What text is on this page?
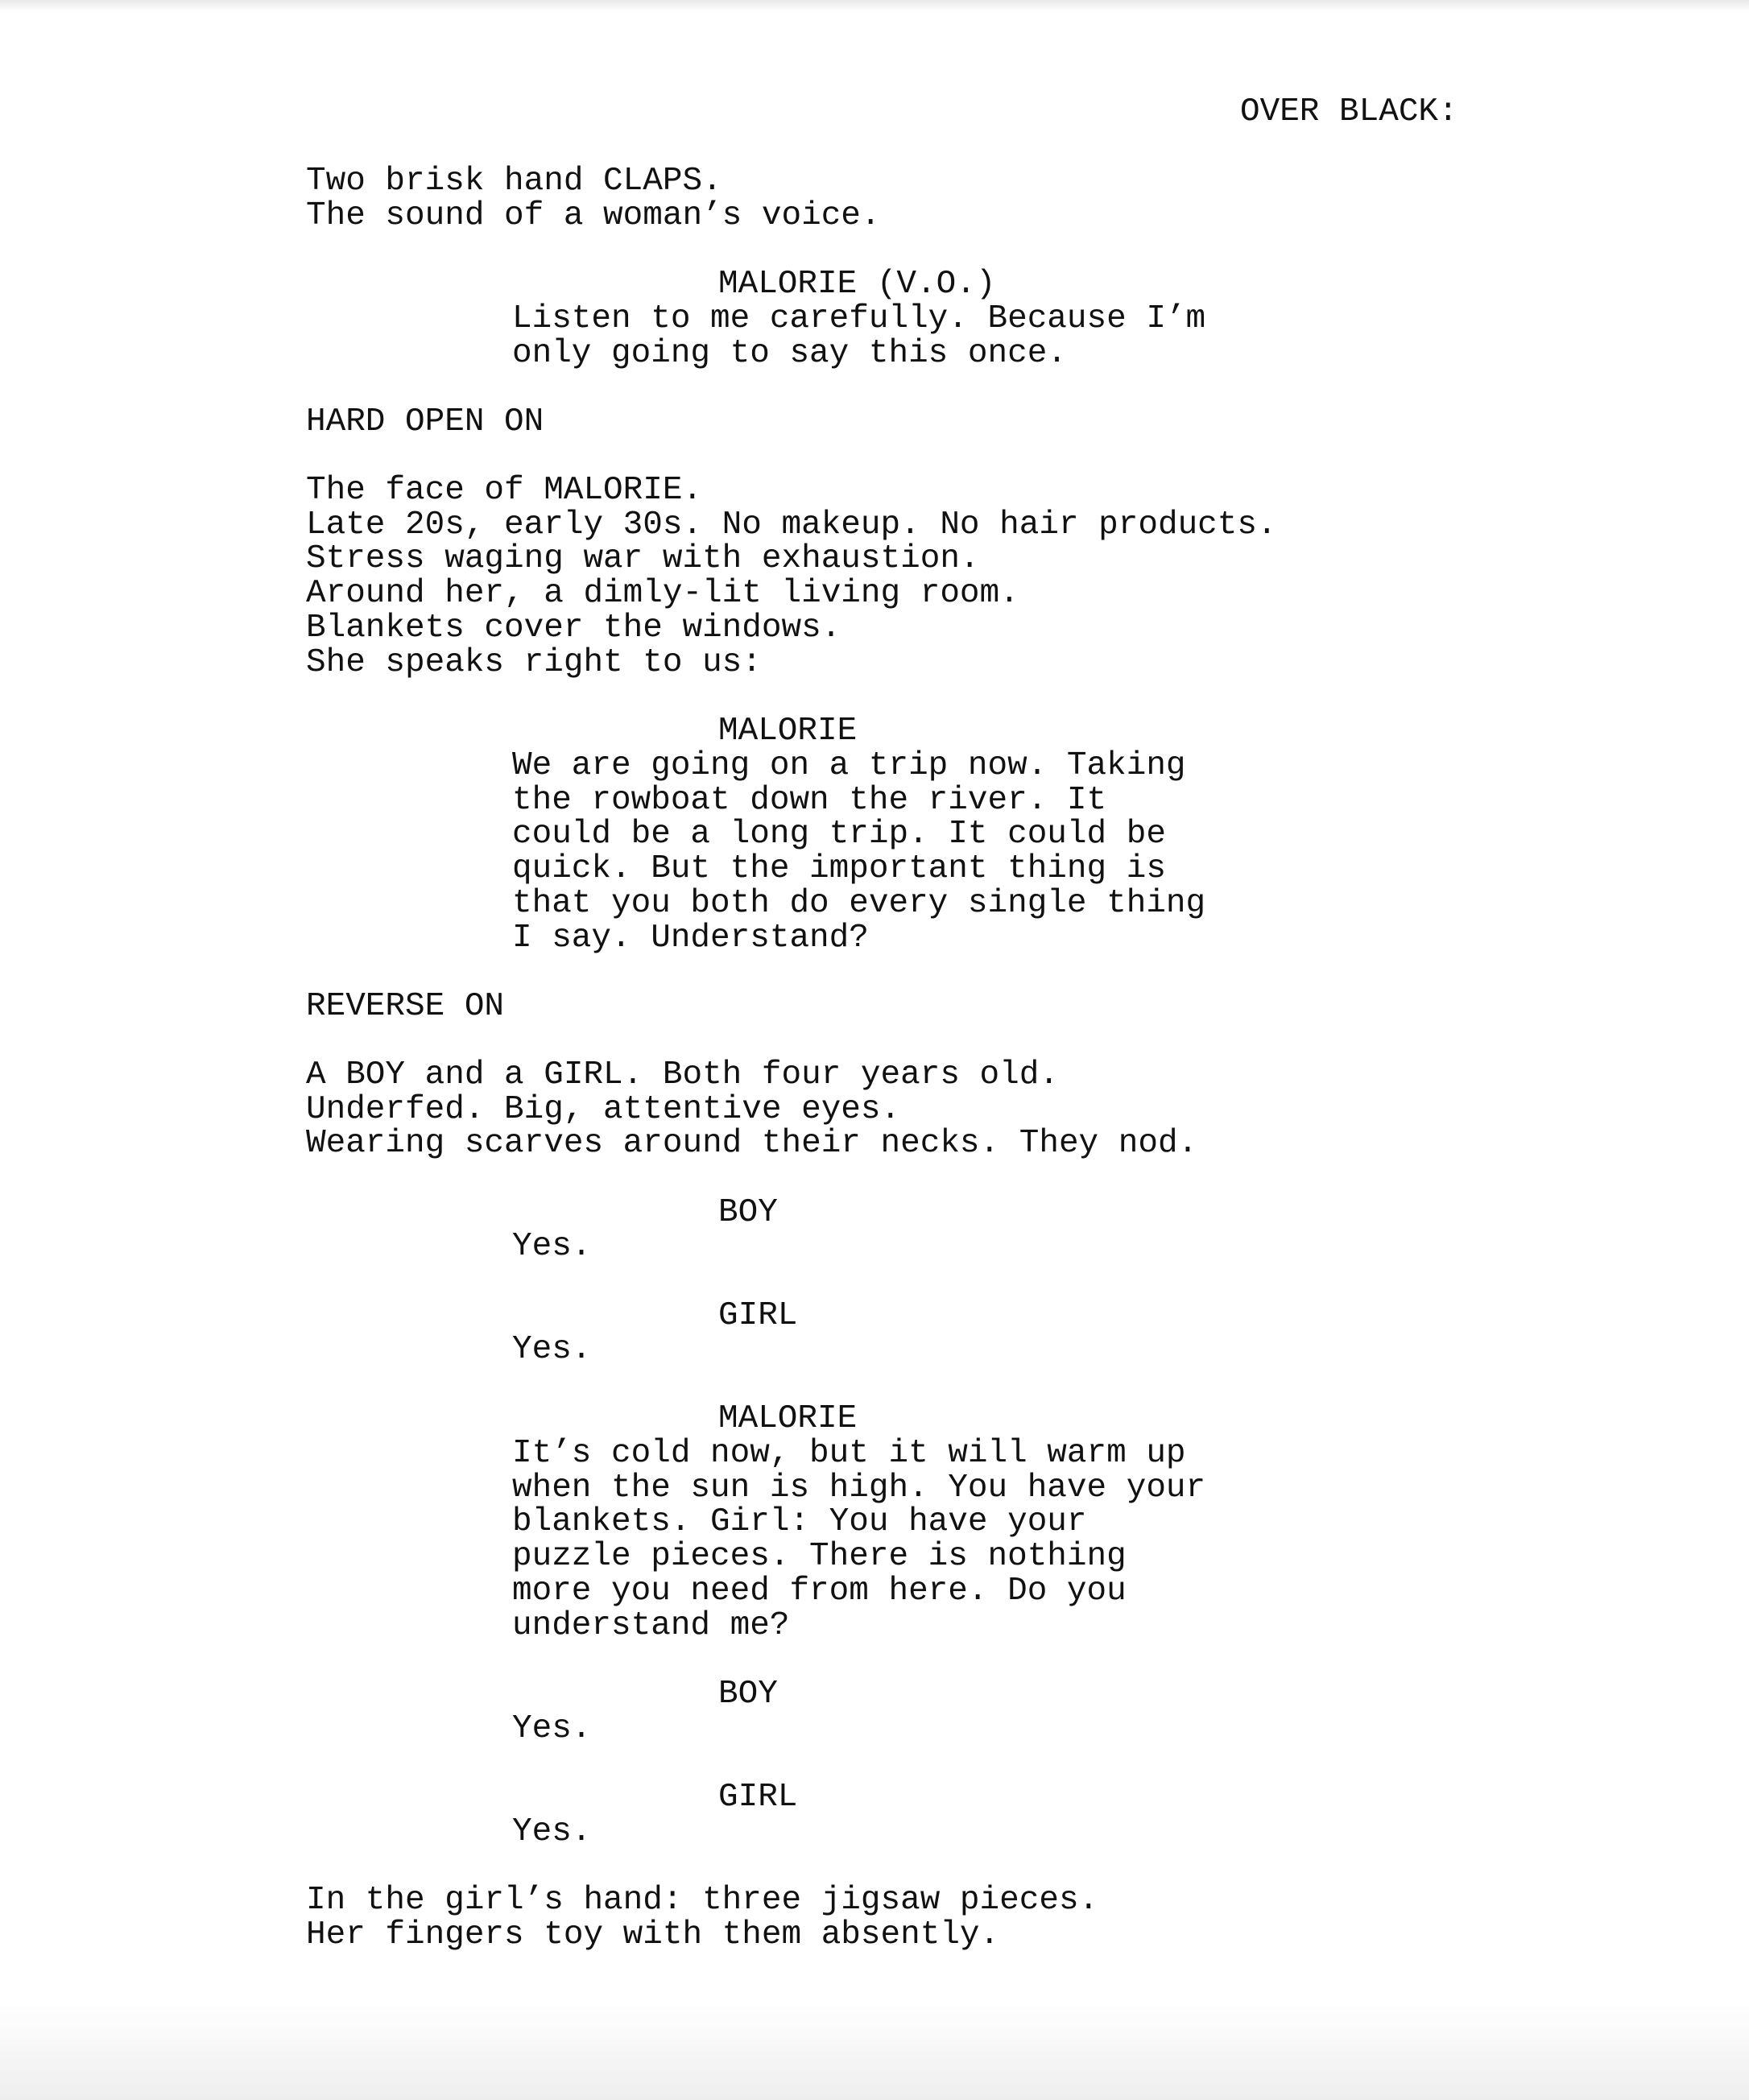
OVER BLACK:
Two brisk hand CLAPS.
The sound of a woman’s voice.
MALORIE (V.O.)
Listen to me carefully. Because I’m
only going to say this once.
HARD OPEN ON
The face of MALORIE.
Late 20s, early 30s. No makeup. No hair products.
Stress waging war with exhaustion.
Around her, a dimly-lit living room.
Blankets cover the windows.
She speaks right to us:
MALORIE
We are going on a trip now. Taking
the rowboat down the river. It
could be a long trip. It could be
quick. But the important thing is
that you both do every single thing
I say. Understand?
REVERSE ON
A BOY and a GIRL. Both four years old.
Underfed. Big, attentive eyes.
Wearing scarves around their necks. They nod.
BOY
Yes.
GIRL
Yes.
MALORIE
It’s cold now, but it will warm up
when the sun is high. You have your
blankets. Girl: You have your
puzzle pieces. There is nothing
more you need from here. Do you
understand me?
BOY
Yes.
GIRL
Yes.
In the girl’s hand: three jigsaw pieces.
Her fingers toy with them absently.
